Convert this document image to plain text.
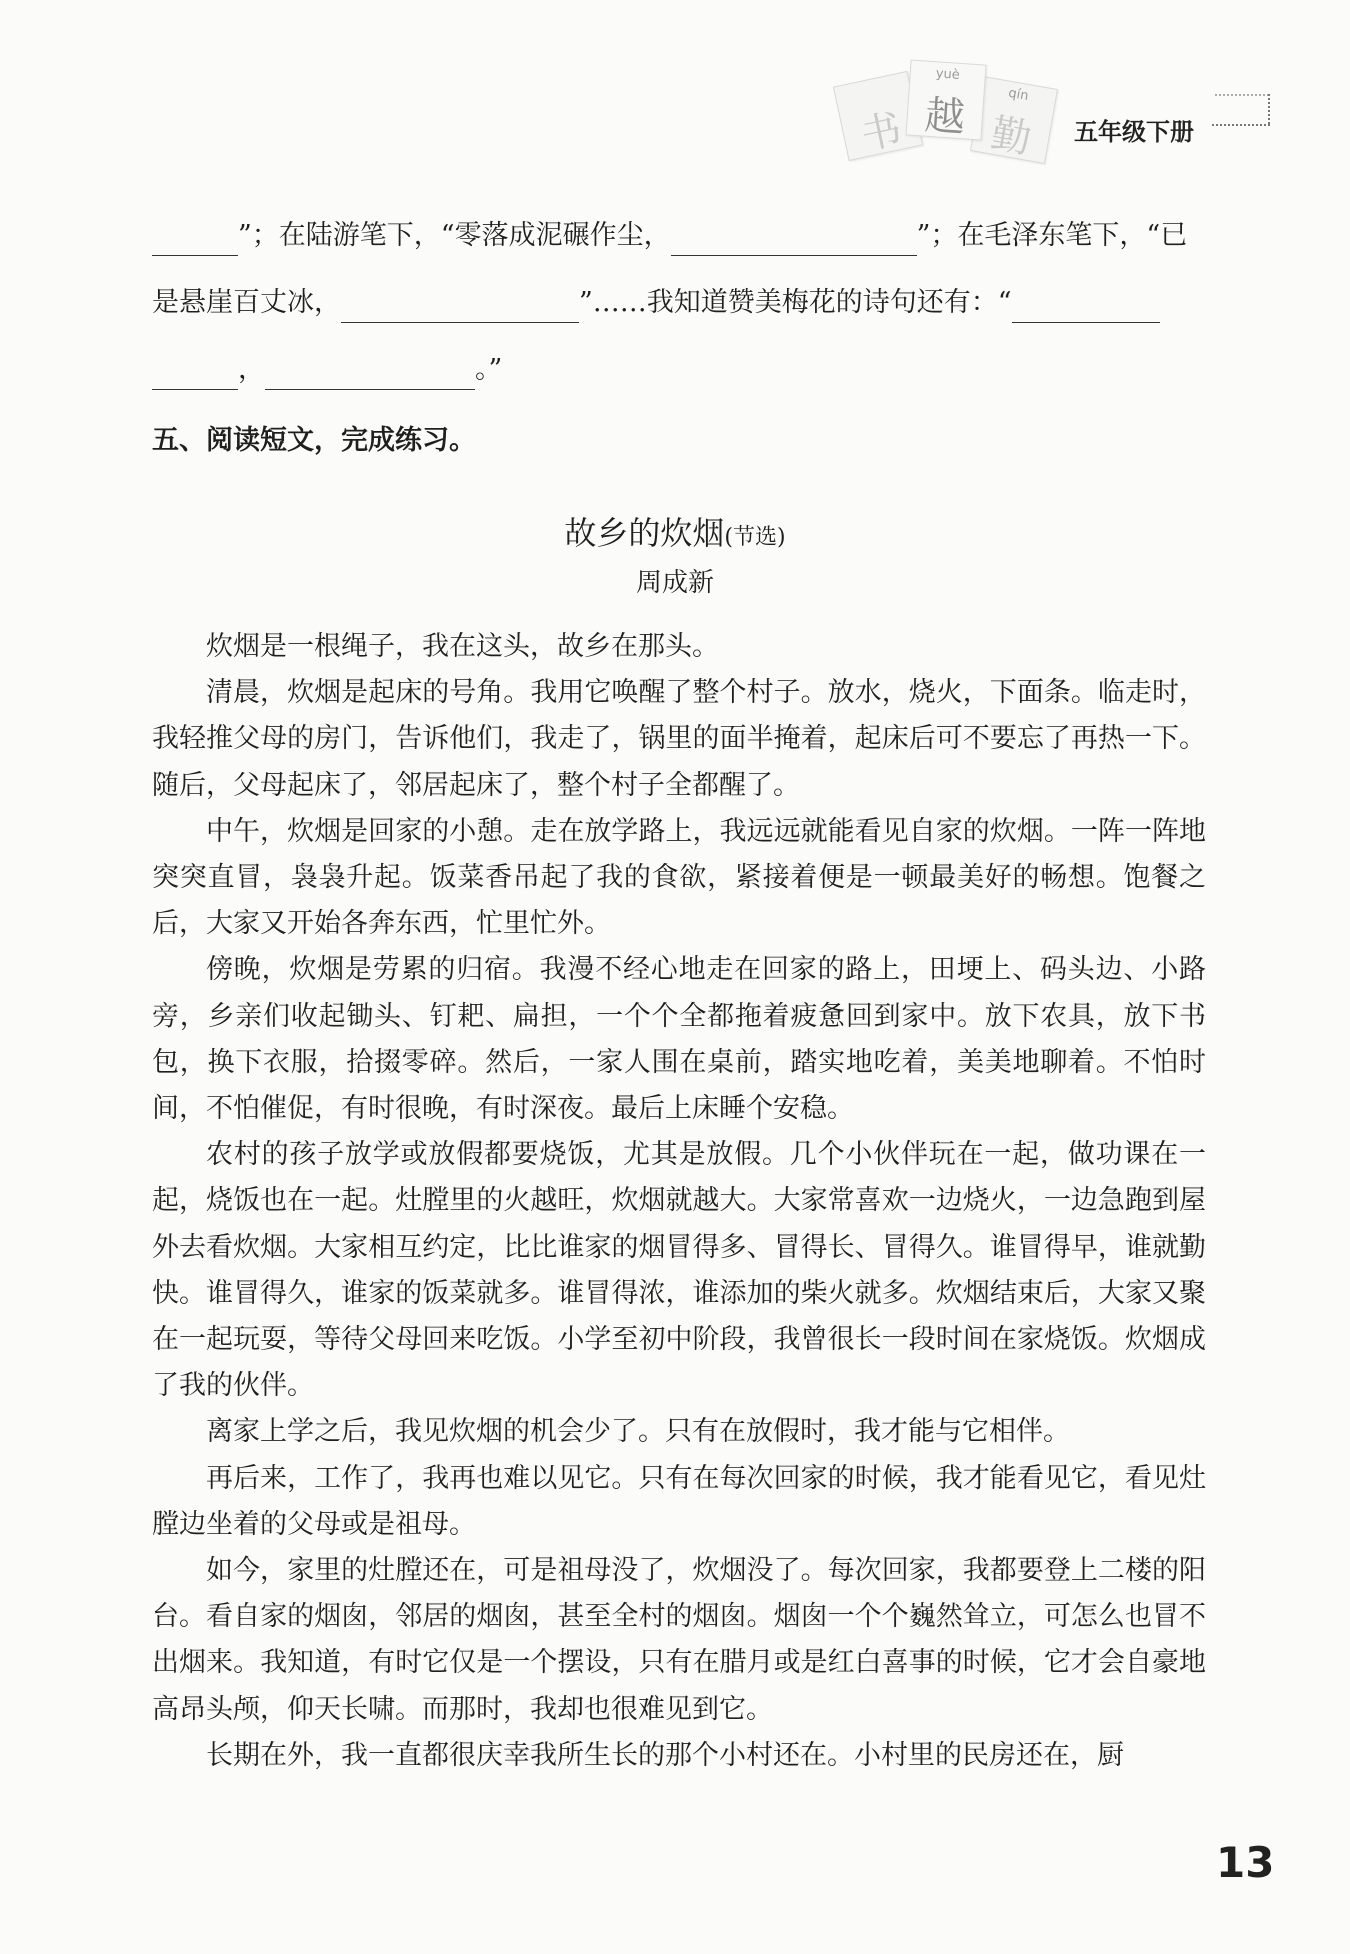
书
yuè
越	qín
勤	五年级下册
”；在陆游笔下，“零落成泥碾作尘，	”；在毛泽东笔下，“已
是悬崖百丈冰，	”……我知道赞美梅花的诗句还有：“
，	。”
五、阅读短文，完成练习。
故乡的炊烟(节选)
周成新

炊烟是一根绳子，我在这头，故乡在那头。

清晨，炊烟是起床的号角。我用它唤醒了整个村子。放水，烧火，下面条。临走时，我轻推父母的房门，告诉他们，我走了，锅里的面半掩着，起床后可不要忘了再热一下。随后，父母起床了，邻居起床了，整个村子全都醒了。

中午，炊烟是回家的小憩。走在放学路上，我远远就能看见自家的炊烟。一阵一阵地突突直冒，袅袅升起。饭菜香吊起了我的食欲，紧接着便是一顿最美好的畅想。饱餐之后，大家又开始各奔东西，忙里忙外。

傍晚，炊烟是劳累的归宿。我漫不经心地走在回家的路上，田埂上、码头边、小路旁，乡亲们收起锄头、钉耙、扁担，一个个全都拖着疲惫回到家中。放下农具，放下书包，换下衣服，拾掇零碎。然后，一家人围在桌前，踏实地吃着，美美地聊着。不怕时间，不怕催促，有时很晚，有时深夜。最后上床睡个安稳。

农村的孩子放学或放假都要烧饭，尤其是放假。几个小伙伴玩在一起，做功课在一起，烧饭也在一起。灶膛里的火越旺，炊烟就越大。大家常喜欢一边烧火，一边急跑到屋外去看炊烟。大家相互约定，比比谁家的烟冒得多、冒得长、冒得久。谁冒得早，谁就勤快。谁冒得久，谁家的饭菜就多。谁冒得浓，谁添加的柴火就多。炊烟结束后，大家又聚在一起玩耍，等待父母回来吃饭。小学至初中阶段，我曾很长一段时间在家烧饭。炊烟成了我的伙伴。

离家上学之后，我见炊烟的机会少了。只有在放假时，我才能与它相伴。

再后来，工作了，我再也难以见它。只有在每次回家的时候，我才能看见它，看见灶膛边坐着的父母或是祖母。

如今，家里的灶膛还在，可是祖母没了，炊烟没了。每次回家，我都要登上二楼的阳台。看自家的烟囱，邻居的烟囱，甚至全村的烟囱。烟囱一个个巍然耸立，可怎么也冒不出烟来。我知道，有时它仅是一个摆设，只有在腊月或是红白喜事的时候，它才会自豪地高昂头颅，仰天长啸。而那时，我却也很难见到它。

长期在外，我一直都很庆幸我所生长的那个小村还在。小村里的民房还在，厨

13
